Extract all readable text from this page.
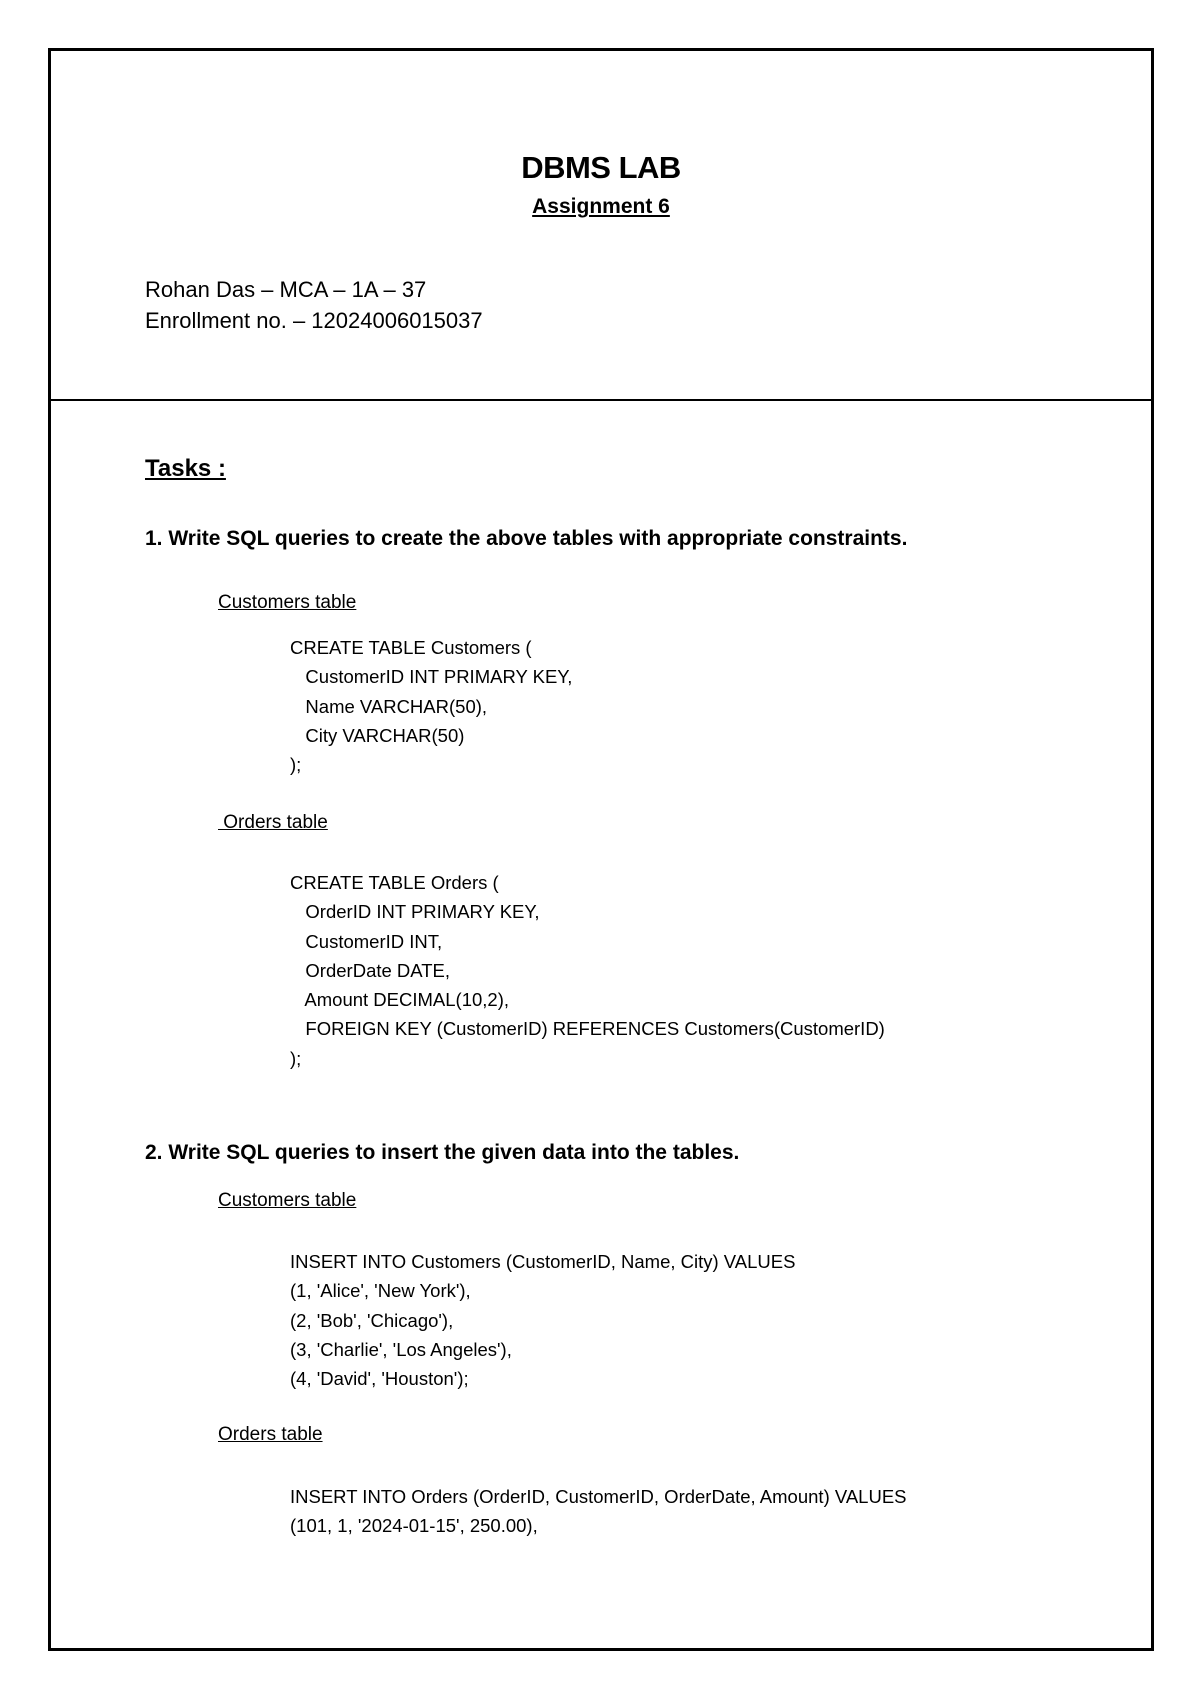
DBMS LAB
Assignment 6
Rohan Das – MCA – 1A – 37
Enrollment no. – 12024006015037
Tasks :
1. Write SQL queries to create the above tables with appropriate constraints.
Customers table
CREATE TABLE Customers (
CustomerID INT PRIMARY KEY,
Name VARCHAR(50),
City VARCHAR(50)
);
Orders table
CREATE TABLE Orders (
OrderID INT PRIMARY KEY,
CustomerID INT,
OrderDate DATE,
Amount DECIMAL(10,2),
FOREIGN KEY (CustomerID) REFERENCES Customers(CustomerID)
);
2. Write SQL queries to insert the given data into the tables.
Customers table
INSERT INTO Customers (CustomerID, Name, City) VALUES
(1, 'Alice', 'New York'),
(2, 'Bob', 'Chicago'),
(3, 'Charlie', 'Los Angeles'),
(4, 'David', 'Houston');
Orders table
INSERT INTO Orders (OrderID, CustomerID, OrderDate, Amount) VALUES
(101, 1, '2024-01-15', 250.00),
